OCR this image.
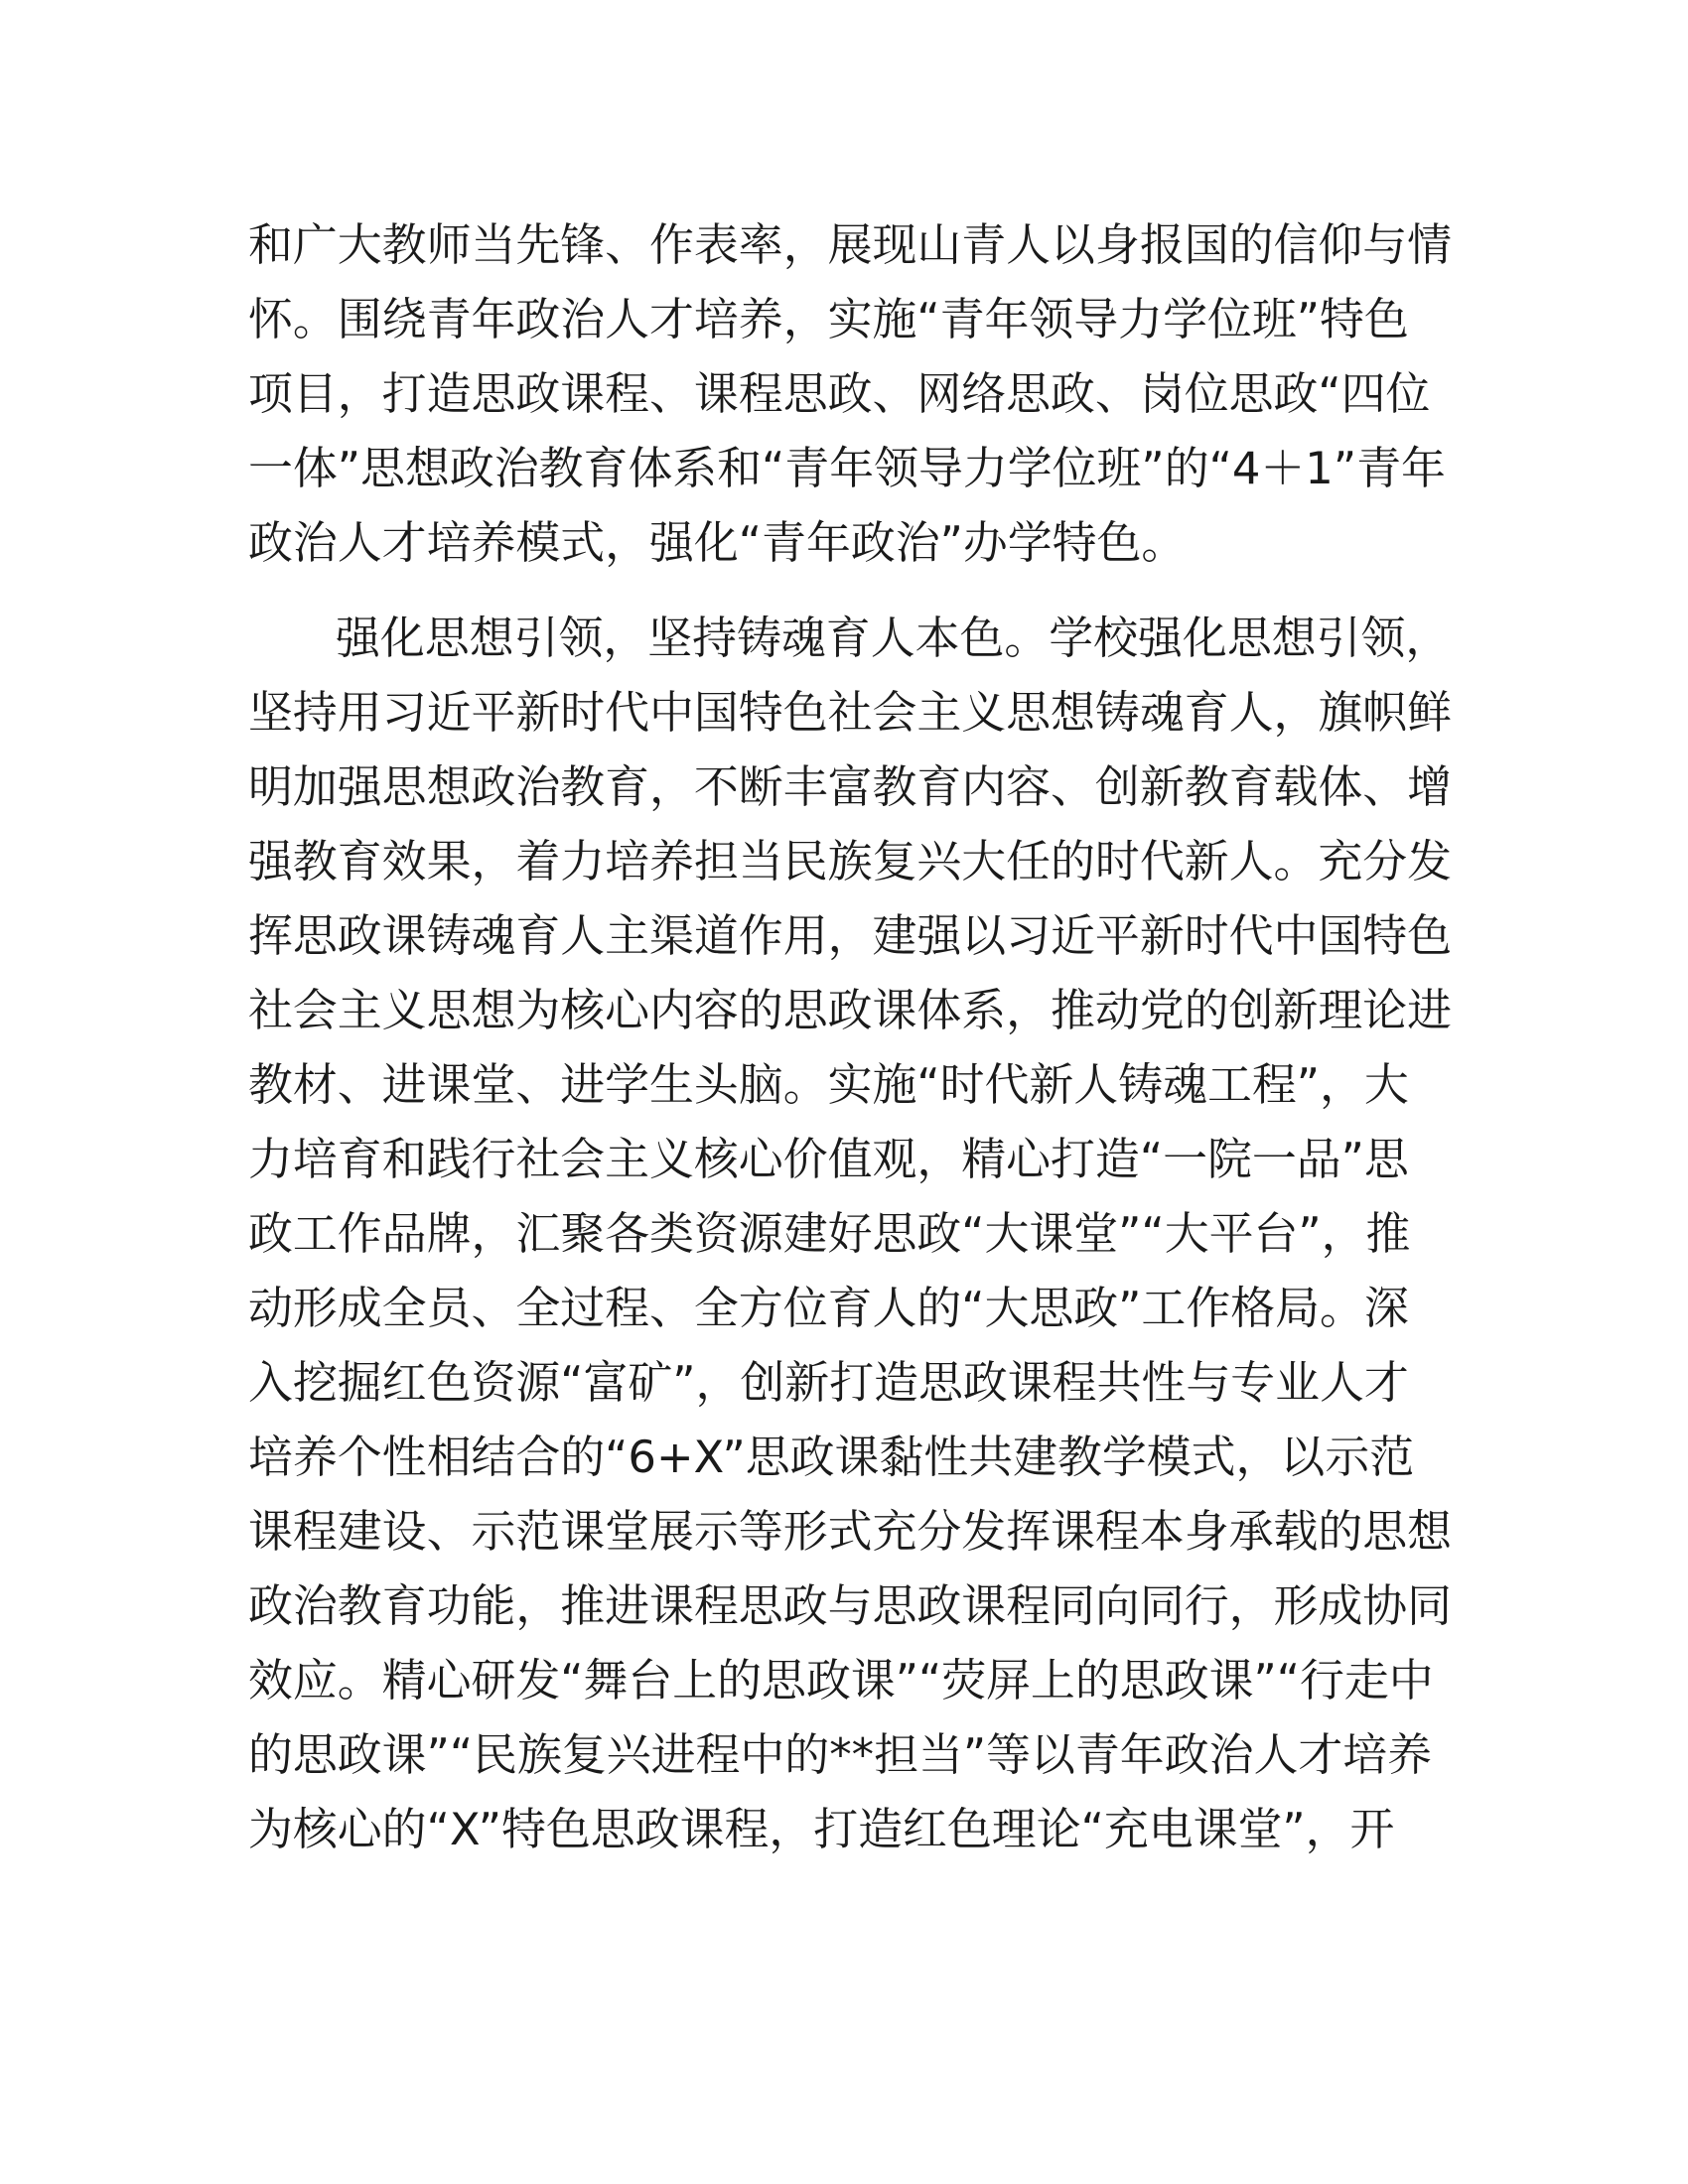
和广大教师当先锋、作表率，展现山青人以身报国的信仰与情
怀。围绕青年政治人才培养，实施“青年领导力学位班”特色
项目，打造思政课程、课程思政、网络思政、岗位思政“四位
一体”思想政治教育体系和“青年领导力学位班”的“4＋1”青年
政治人才培养模式，强化“青年政治”办学特色。
强化思想引领，坚持铸魂育人本色。学校强化思想引领，
坚持用习近平新时代中国特色社会主义思想铸魂育人，旗帜鲜
明加强思想政治教育，不断丰富教育内容、创新教育载体、增
强教育效果，着力培养担当民族复兴大任的时代新人。充分发
挥思政课铸魂育人主渠道作用，建强以习近平新时代中国特色
社会主义思想为核心内容的思政课体系，推动党的创新理论进
教材、进课堂、进学生头脑。实施“时代新人铸魂工程”，大
力培育和践行社会主义核心价值观，精心打造“一院一品”思
政工作品牌，汇聚各类资源建好思政“大课堂”“大平台”，推
动形成全员、全过程、全方位育人的“大思政”工作格局。深
入挖掘红色资源“富矿”，创新打造思政课程共性与专业人才
培养个性相结合的“6+X”思政课黏性共建教学模式，以示范
课程建设、示范课堂展示等形式充分发挥课程本身承载的思想
政治教育功能，推进课程思政与思政课程同向同行，形成协同
效应。精心研发“舞台上的思政课”“荧屏上的思政课”“行走中
的思政课”“民族复兴进程中的**担当”等以青年政治人才培养
为核心的“X”特色思政课程，打造红色理论“充电课堂”，开
